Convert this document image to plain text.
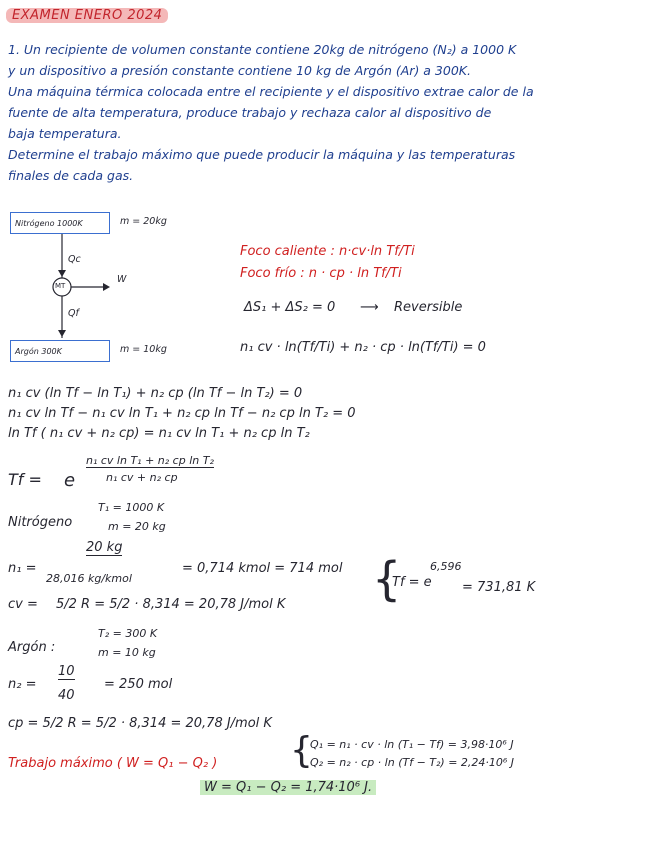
EXAMEN ENERO 2024
1. Un recipiente de volumen constante contiene 20kg de nitrógeno (N₂) a 1000 K
y un dispositivo a presión constante contiene 10 kg de Argón (Ar) a 300K.
Una máquina térmica colocada entre el recipiente y el dispositivo extrae calor de la
fuente de alta temperatura, produce trabajo y rechaza calor al dispositivo de
baja temperatura.
Determine el trabajo máximo que puede producir la máquina y las temperaturas
finales de cada gas.
Nitrógeno 1000K	m = 20kg
Qc
MT
W
Qf
Argón 300K	m = 10kg
Foco caliente : n·cv·ln Tf/Ti
Foco frío : n · cp · ln Tf/Ti
ΔS₁ + ΔS₂ = 0 ⟶ Reversible
n₁ cv · ln(Tf/Ti) + n₂ · cp · ln(Tf/Ti) = 0
n₁ cv (ln Tf − ln T₁) + n₂ cp (ln Tf − ln T₂) = 0
n₁ cv ln Tf − n₁ cv ln T₁ + n₂ cp ln Tf − n₂ cp ln T₂ = 0
ln Tf ( n₁ cv + n₂ cp) = n₁ cv ln T₁ + n₂ cp ln T₂
Tf = e
n₁ cv ln T₁ + n₂ cp ln T₂
n₁ cv + n₂ cp
Nitrógeno
T₁ = 1000 K
m = 20 kg
n₁ =
20 kg
28,016 kg/kmol
= 0,714 kmol = 714 mol
cv = 5/2 R = 5/2 · 8,314 = 20,78 J/mol K {
Tf = e
6,596
= 731,81 K
Argón :
T₂ = 300 K
m = 10 kg
n₂ =
10
40
= 250 mol
cp = 5/2 R = 5/2 · 8,314 = 20,78 J/mol K
Trabajo máximo ( W = Q₁ − Q₂ ) {
Q₁ = n₁ · cv · ln (T₁ − Tf) = 3,98·10⁶ J
Q₂ = n₂ · cp · ln (Tf − T₂) = 2,24·10⁶ J
W = Q₁ − Q₂ = 1,74·10⁶ J.
